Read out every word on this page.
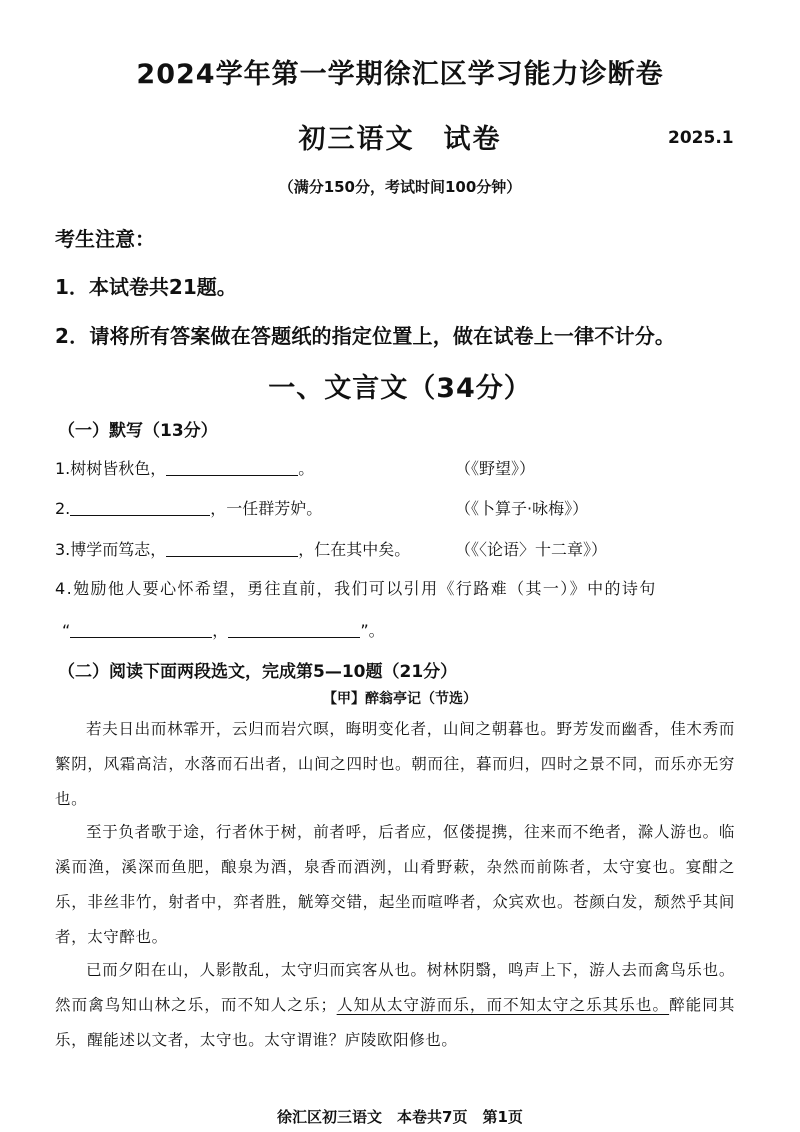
2024学年第一学期徐汇区学习能力诊断卷
初三语文　试卷	2025.1
（满分150分，考试时间100分钟）
考生注意：
1．本试卷共21题。
2．请将所有答案做在答题纸的指定位置上，做在试卷上一律不计分。
一、文言文（34分）
（一）默写（13分）
1.树树皆秋色，	。	（《野望》）
2.	，一任群芳妒。	（《卜算子·咏梅》）
3.博学而笃志，	，仁在其中矣。	（《〈论语〉十二章》）
4.勉励他人要心怀希望，勇往直前，我们可以引用《行路难（其一）》中的诗句
“	，	”。
（二）阅读下面两段选文，完成第5—10题（21分）
【甲】醉翁亭记（节选）
若夫日出而林霏开，云归而岩穴暝，晦明变化者，山间之朝暮也。野芳发而幽香，佳木秀而繁阴，风霜高洁，水落而石出者，山间之四时也。朝而往，暮而归，四时之景不同，而乐亦无穷也。
至于负者歌于途，行者休于树，前者呼，后者应，伛偻提携，往来而不绝者，滁人游也。临溪而渔，溪深而鱼肥，酿泉为酒，泉香而酒洌，山肴野蔌，杂然而前陈者，太守宴也。宴酣之乐，非丝非竹，射者中，弈者胜，觥筹交错，起坐而喧哗者，众宾欢也。苍颜白发，颓然乎其间者，太守醉也。
已而夕阳在山，人影散乱，太守归而宾客从也。树林阴翳，鸣声上下，游人去而禽鸟乐也。然而禽鸟知山林之乐，而不知人之乐；人知从太守游而乐，而不知太守之乐其乐也。醉能同其乐，醒能述以文者，太守也。太守谓谁？庐陵欧阳修也。
徐汇区初三语文　本卷共7页　第1页
